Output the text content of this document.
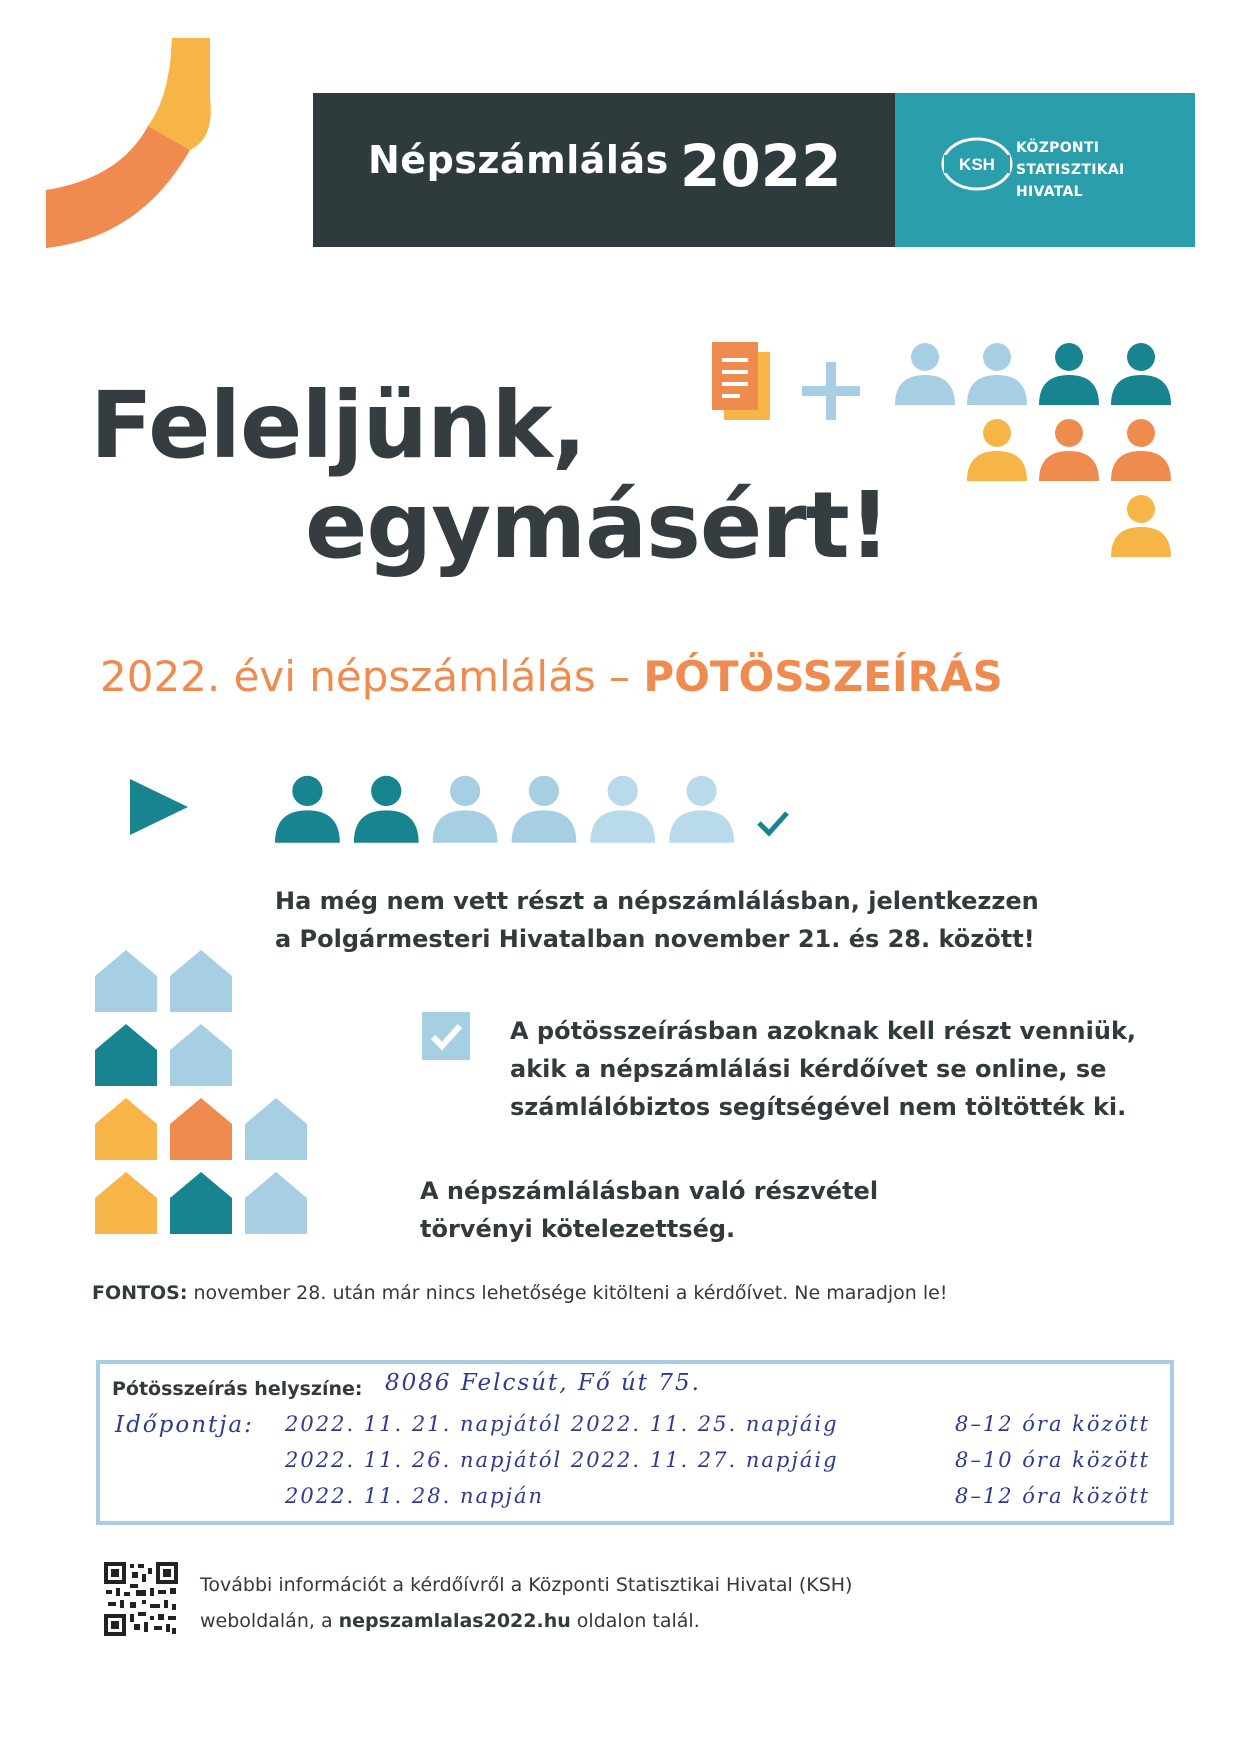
Népszámlálás 2022	KSH
KÖZPONTI
STATISZTIKAI
HIVATAL
Feleljünk,
egymásért!
2022. évi népszámlálás – PÓTÖSSZEÍRÁS
Ha még nem vett részt a népszámlálásban, jelentkezzen
a Polgármesteri Hivatalban november 21. és 28. között!
A pótösszeírásban azoknak kell részt venniük,
akik a népszámlálási kérdőívet se online, se
számlálóbiztos segítségével nem töltötték ki.
A népszámlálásban való részvétel
törvényi kötelezettség.
FONTOS: november 28. után már nincs lehetősége kitölteni a kérdőívet. Ne maradjon le!
Pótösszeírás helyszíne: 8086 Felcsút, Fő út 75.
Időpontja: 2022. 11. 21. napjától 2022. 11. 25. napjáig	8–12 óra között
2022. 11. 26. napjától 2022. 11. 27. napjáig	8–10 óra között
2022. 11. 28. napján	8–12 óra között
További információt a kérdőívről a Központi Statisztikai Hivatal (KSH)
weboldalán, a nepszamlalas2022.hu oldalon talál.
